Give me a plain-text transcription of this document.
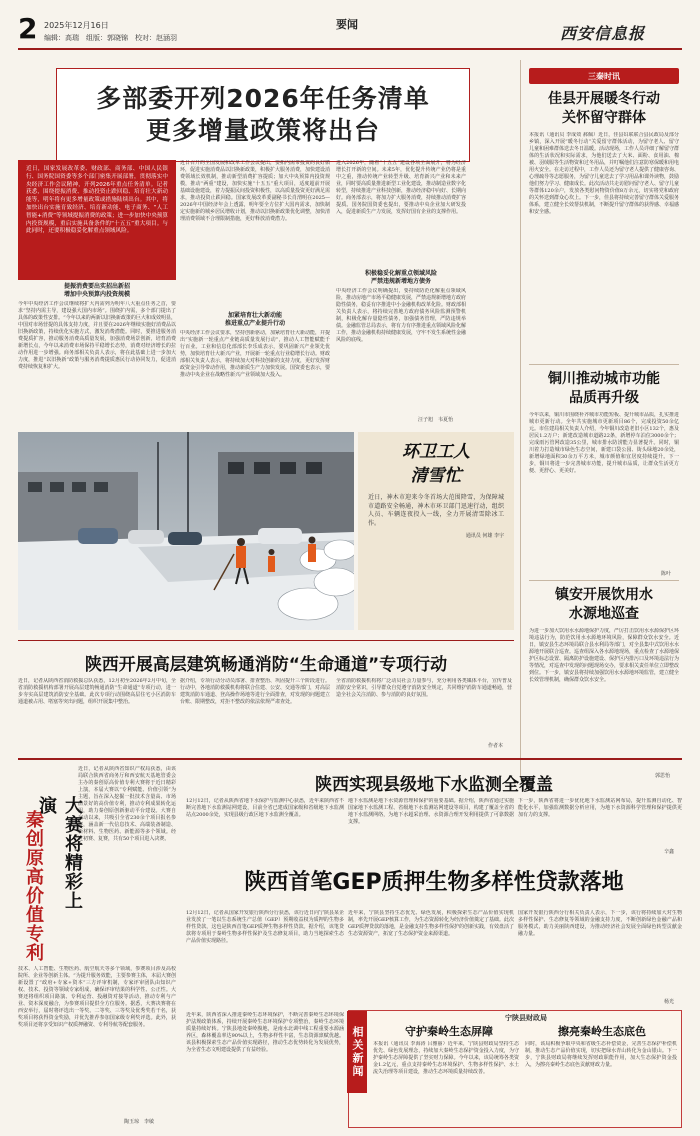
2 2025年12月16日
编辑：高瑞　组版：郭晓锦　校对：赵涵羽
要闻	西安信息报
多部委开列2026年任务清单
更多增量政策将出台
近日，国家发展改革委、财政部、商务部、中国人民银行、国务院国资委等多个部门密集开展部署，贯彻落实中央经济工作会议精神，开列2026年重点任务清单。记者获悉，围绕提振消费、推动投资止跌回稳、培育壮大新动能等，明年将有更多增量政策或措施陆续出台。其中，将加快出台实施育致经济、培育新动能、电子商务、“人工智能+消费”等领域提振消费的政策；进一步加快中央预算内投资规模，重启实施具备条件的“十五五”重大项目。与此同时，还要积极稳妥化解重点领域风险。
提振消费要出实招出新招
增加中央预算内投资规模
今年中央经济工作会议继续将扩大内需列为明年八大重点任务之首，要求“坚持内需主导，建设强大国内市场”。围绕扩内需，多个部门提出了具体的政策性安排。“今年以来的两新以旧换新政策的巨大和成效明显，中国对市场营提的具体支持力度，并且要在2026年继续实施好消费品以旧换新政策，持续优化实施方式，激发消费潜能。同时，要推进服务消费提质扩容，推动服务消费高质量发展，加强消费场景创新，培育消费新增长点，今年以来消费市场保持平稳增长态势，消费对经济增长的拉动作用进一步增强。商务部相关负责人表示，将在此基础上进一步加大力度，推进“以旧换新”政策与服务消费提质惠民行动协同发力，促进消费持续恢复和扩大。
近日召开的全国发展和改革工作会议提出，要拓内需带投资的良好循环，促进实施消费品以旧换新政策，积极扩大服务消费，加快建设消费领域长效机制，推动新型消费扩容提质；加大中央预算内投资规模，推动“两重”建设，加快实施“十五五”重大项目，适度超前开展基础设施建设，着力提振民间投资积极性，以高质量投资更好满足需求，推动投资止跌回稳。国家发展改革委副秘书长肖渭明在2025—2026年中国经济年会上透露，明年要全方位扩大国内需求，加快制定实施新的城乡居民增收计划，推动以旧换新政策优化调整，加快清理消费领域不合理限制措施，更好释放消费潜力。
加紧培育壮大新动能
推进重点产业提升行动
中央经济工作会议要求，坚持创新驱动，加紧培育壮大新动能，并提出“实施新一轮重点产业链高质量发展行动”，推动人工智能赋能千行百业。工业和信息化部部长李乐成表示，要巩固新兴产业领先优势，加快培育壮大新兴产业，开展新一轮重点行业稳增长行动。财政部相关负责人表示，将持续加大对科技创新的支持力度，更好发挥财政资金引导带动作用，推动新质生产力加快发展。国资委也表示，要推动中央企业在战略性新兴产业领域加大投入。
进入2026年，随着“十五五”建设各项全面展开，将为经济增长打开新的空间。未来5年，优化提升传统产业仍将是重中之重，推动传统产业转型升级、培育新兴产业和未来产业，同时要高质量推进新型工业化建设，推动制造业数字化转型，持续推进产业科技创新，推动经济稳中向好、长期向好。商务部表示，将加力扩大服务消费，持续推动消费扩容提质。国务院国资委也提出，要推动中央企业加大研发投入，促进新质生产力发展，发挥好国有企业的支撑作用。
积极稳妥化解重点领域风险
严禁违规新增地方债务
中央经济工作会议明确提出，要持续防范化解重点领域风险，推动房地产市场平稳健康发展，严禁违规新增地方政府隐性债务，稳妥有序推进中小金融机构改革化险。财政部相关负责人表示，将持续完善地方政府债务风险监测预警机制，积极化解存量隐性债务，加强债务管理，严防违规举债。金融监管总局表示，将有力有序推进重点领域风险化解工作，推动金融机构持续健康发展，守牢不发生系统性金融风险的底线。
汪子旭　韦夏怡
三秦时讯
佳县开展暖冬行动
关怀留守群体
本报讯（通讯员 李成效 郝佩）近日，佳县妇联联合县民政局及部分乡镇，深入开展“暖冬行动”关爱留守群体活动，为留守老人、留守儿童和困难群体送去冬日温暖。活动现场，工作人员详细了解留守群体的生活状况和实际需求，为他们送去了大米、面粉、食用油、棉被、羽绒服等生活物资和过冬用品，并叮嘱他们注意防寒保暖和用电用火安全。在走访过程中，工作人员还为留守老人提供了健康咨询、心理疏导等志愿服务，为留守儿童送去了学习用品和课外读物，鼓励他们努力学习、健康成长。此次活动共走访慰问留守老人、留守儿童等群体120余户，发放各类慰问物资价值8万余元，切实将党和政府的关怀送到群众心坎上。下一步，佳县将持续完善留守群体关爱服务体系，建立健全长效帮扶机制，不断提升留守群体的获得感、幸福感和安全感。
铜川推动城市功能
品质再升级
今年以来，铜川市围绕补齐城市功能短板、提升城市品质，扎实推进城市更新行动。全年共实施城市更新项目86个，完成投资50余亿元。市住建局相关负责人介绍，今年铜川改造老旧小区132个，惠及居民1.2万户；新建改造城市道路22条，新增停车泊位3000余个；完成雨污管网改造35公里，城市排水防涝能力显著提升。同时，铜川着力打造城市绿色生态空间，新建口袋公园、街头绿地20余处，新增绿地面积30余万平方米，城市颜值和宜居度持续提升。下一步，铜川将进一步完善城市功能，提升城市品质，让群众生活更方便、更舒心、更美好。
陈叶
镇安开展饮用水
水源地巡查
为进一步加大饮用水水源地保护力度，严厉打击饮用水水源保护区环境违法行为，防范饮用水水源地环境风险，保障群众饮水安全。近日，镇安县生态环境局联合县水利局等部门，对全县集中式饮用水水源地开展联合巡查。巡查组深入各水源地现场，重点检查了水源地保护区标志设置、隔离防护设施建设、保护区内排污口及环境违法行为等情况，对巡查中发现的问题现场交办，要求相关责任单位立即整改到位。下一步，镇安县将持续加强饮用水水源地环境监管，建立健全长效管理机制，确保群众饮水安全。
郭思怡
环卫工人
清雪忙
近日，神木市迎来今冬首场大范围降雪，为保障城市道路安全畅通，神木市环卫部门迅速行动，组织人员、车辆连夜投入一线，全力开展清雪除冰工作。
通讯员 何雄 李宇
陕西开展高层建筑畅通消防“生命通道”专项行动
近日，记者从陕西省消防救援总队获悉，12月初至2026年2月中旬，全省消防救援机构部署开展高层建筑畅通消防“生命通道”专项行动，进一步夯实高层建筑消防安全基础。此次专项行动围绕高层住宅小区消防车通道被占用、堵塞等突出问题，组织开展集中整治。
据介绍，专项行动分动员部署、排查整治、巩固提升三个阶段进行。行动中，各地消防救援机构将联合住建、公安、交通等部门，对高层建筑消防车通道、登高操作场地等进行全面排查，对发现的问题建立台账、限期整改，对拒不整改的依法依规严肃查处。
全省消防救援机构将广泛动员社会力量参与，充分利用各类媒体平台，宣传普及消防安全常识，引导群众自觉遵守消防安全规定，共同维护消防车通道畅通，营造全社会关注消防、参与消防的良好氛围。
作者本
秦创原高价值专利	大赛将精彩上演
近日，记者从陕西省知识产权局获悉，由该局联合陕西省商务厅和西安航天基地管委会主办的秦创原高价值专利大赛将于近日精彩上演，本届大赛以“专利赋能、价值引领”为主题，旨在深入挖掘一批技术含量高、市场前景好的高价值专利，推动专利成果转化运用，助力秦创原创新驱动平台建设。大赛自启动以来，共吸引全省230余个项目报名参赛，涵盖新一代信息技术、高端装备制造、新材料、生物医药、新能源等多个领域。经过初赛、复赛，共有50个项目进入决赛。
技术、人工智能、生物医药、航空航天等多个领域，参赛项目涉及高校院所、企业等创新主体。“为提升服务效能，主要参赛主体，本届大赛创新设置了“政府+专家+资本”三方评审机制，专家评审团队由知识产权、技术、投资等领域专家组成，确保评审结果的科学性、公正性。大赛还将组织项目路演、专利运营、投融资对接等活动，推动专利与产业、资本深度融合，为参赛项目提供全方位服务。据悉，大赛决赛将在西安举行，届时将评选出一等奖、二等奖、三等奖及优秀奖若干名，获奖项目将获得资金奖励，并优先推荐参加国家级专利奖评选。此外，获奖项目还将享受知识产权质押融资、专利导航等配套服务。
陶玉琼　李敏
陕西实现县级地下水监测全覆盖
12月12日，记者从陕西省地下水保护与监测中心获悉，近年来陕西省不断完善地下水监测站网建设，目前全省已建成国家级和省级地下水监测站点2000余处，实现县级行政区地下水监测全覆盖。
地下水监测是地下水资源管理和保护的重要基础。据介绍，陕西省通过实施国家地下水监测工程、省级地下水监测站网建设等项目，构建了覆盖全省的地下水监测网络，为地下水超采治理、水资源合理开发利用提供了可靠数据支撑。
下一步，陕西省将进一步优化地下水监测站网布局，提升监测自动化、智能化水平，加强监测数据分析应用，为地下水资源科学管理和保护提供更加有力的支撑。
辛鑫
陕西首笔GEP质押生物多样性贷款落地
12月12日，记者从国家开发银行陕西分行获悉，该行近日向宁陕县某企业发放了一笔以生态系统生产总值（GEP）预期收益权为质押的生物多样性贷款，这也是陕西首笔GEP质押生物多样性贷款。据介绍，该笔贷款将专项用于秦岭生物多样性保护及生态修复项目，助力当地探索生态产品价值实现路径。
近年来，宁陕县坚持生态优先、绿色发展，积极探索生态产品价值实现机制，率先开展GEP核算工作，为生态资源转化为经济价值奠定了基础。此次GEP质押贷款的落地，是金融支持生物多样性保护的创新实践，有效盘活了生态资源资产，拓宽了生态保护资金来源渠道。
国家开发银行陕西分行相关负责人表示，下一步，该行将持续加大对生物多样性保护、生态修复等领域的金融支持力度，不断创新绿色金融产品和服务模式，助力美丽陕西建设，为推动经济社会发展全面绿色转型贡献金融力量。
杨光
相关新闻
宁陕县财政局
守护秦岭生态屏障	擦亮秦岭生态底色
本报讯（通讯员 李海涛 吕雅丽）近年来，宁陕县财政局坚持生态优先、绿色发展理念，持续加大秦岭生态保护资金投入力度，为守护秦岭生态屏障提供了坚实财力保障。今年以来，该局统筹各类资金1.2亿元，重点支持秦岭生态环境保护、生物多样性保护、水土流失治理等项目建设，推动生态环境质量持续改善。
同时，该局积极争取中央和省级生态补偿资金，完善生态保护补偿机制，推动生态产品价值实现，切实把绿水青山转化为金山银山。下一步，宁陕县财政局将继续发挥财政职能作用，加大生态保护资金投入，为擦亮秦岭生态底色贡献财政力量。
近年来，陕西省深入推进秦岭生态环境保护，不断完善秦岭生态环境保护法规政策体系，持续开展秦岭生态环境保护专项整治，秦岭生态环境质量持续好转。宁陕县地处秦岭腹地，是南水北调中线工程重要水源涵养区，森林覆盖率达90%以上，生物多样性丰富，生态资源禀赋优越。该县积极探索生态产品价值实现路径，推动生态优势转化为发展优势，为全省生态文明建设提供了有益经验。
